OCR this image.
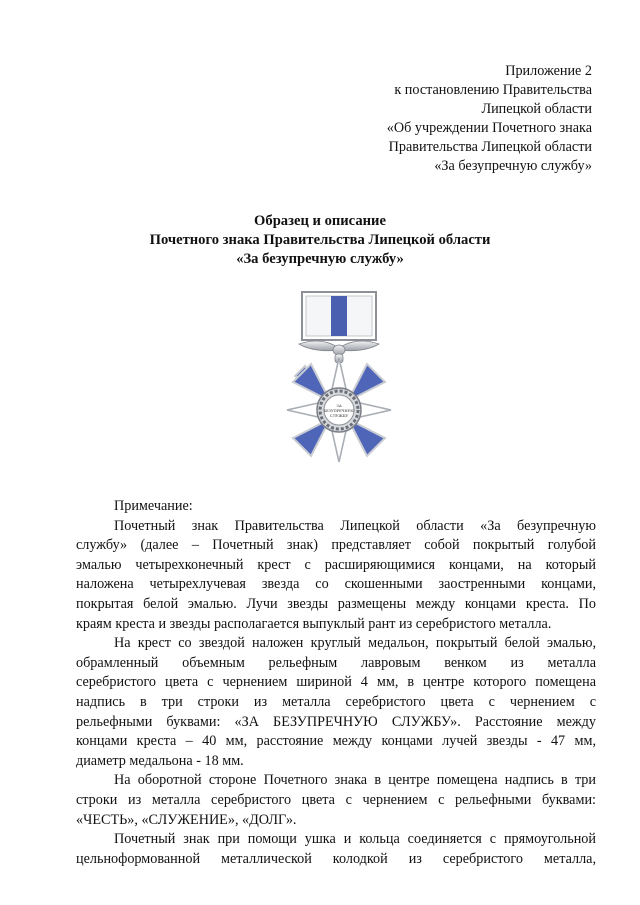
Приложение 2
к постановлению Правительства
Липецкой области
«Об учреждении Почетного знака
Правительства Липецкой области
«За безупречную службу»
Образец и описание
Почетного знака Правительства Липецкой области
«За безупречную службу»
ЗА
БЕЗУПРЕЧНУЮ
СЛУЖБУ

Примечание:

Почетный знак Правительства Липецкой области «За безупречную
службу» (далее – Почетный знак) представляет собой покрытый голубой
эмалью четырехконечный крест с расширяющимися концами, на который
наложена четырехлучевая звезда со скошенными заостренными концами,
покрытая белой эмалью. Лучи звезды размещены между концами креста. По
краям креста и звезды располагается выпуклый рант из серебристого металла.

На крест со звездой наложен круглый медальон, покрытый белой эмалью,
обрамленный объемным рельефным лавровым венком из металла
серебристого цвета с чернением шириной 4 мм, в центре которого помещена
надпись в три строки из металла серебристого цвета с чернением с
рельефными буквами: «ЗА БЕЗУПРЕЧНУЮ СЛУЖБУ». Расстояние между
концами креста – 40 мм, расстояние между концами лучей звезды - 47 мм,
диаметр медальона - 18 мм.

На оборотной стороне Почетного знака в центре помещена надпись в три
строки из металла серебристого цвета с чернением с рельефными буквами:
«ЧЕСТЬ», «СЛУЖЕНИЕ», «ДОЛГ».

Почетный знак при помощи ушка и кольца соединяется с прямоугольной
цельноформованной металлической колодкой из серебристого металла,
